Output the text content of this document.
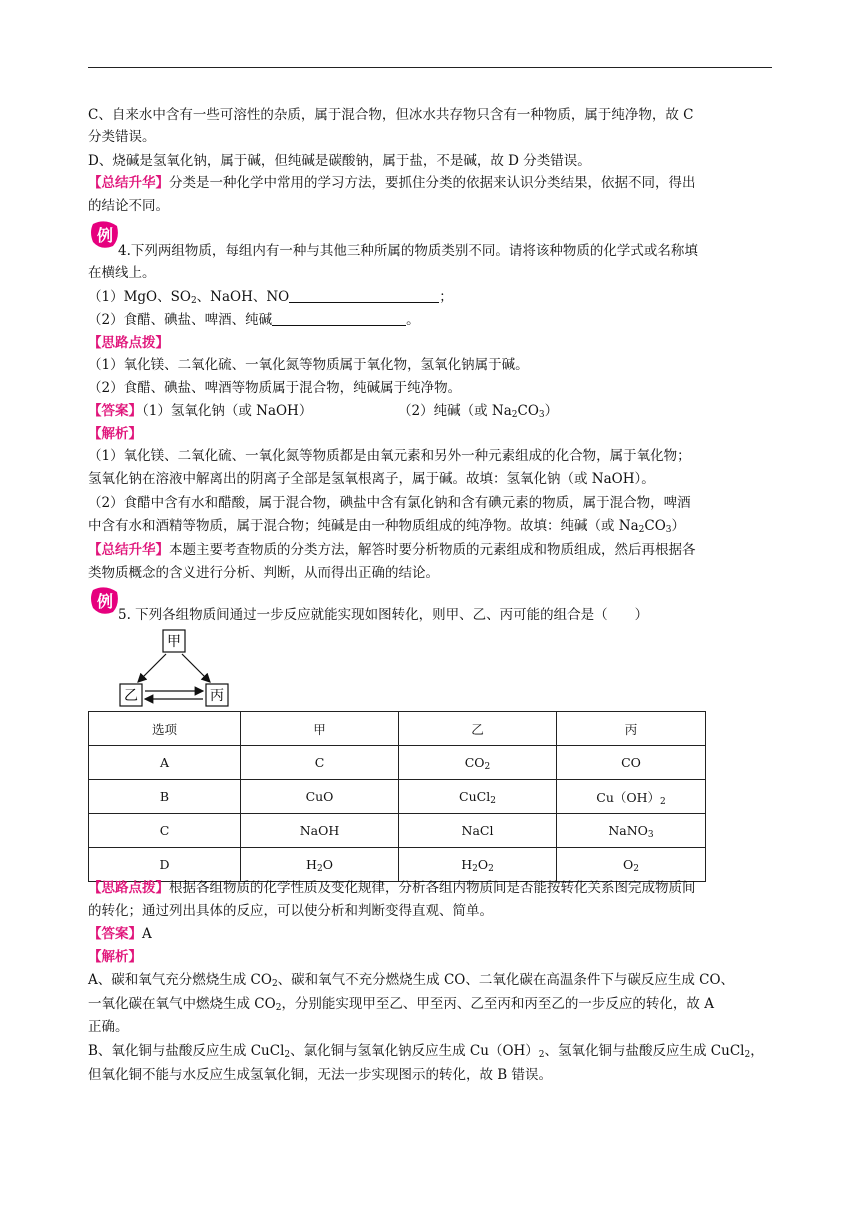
C、自来水中含有一些可溶性的杂质，属于混合物，但冰水共存物只含有一种物质，属于纯净物，故 C
分类错误。
D、烧碱是氢氧化钠，属于碱，但纯碱是碳酸钠，属于盐，不是碱，故 D 分类错误。
【总结升华】分类是一种化学中常用的学习方法，要抓住分类的依据来认识分类结果，依据不同，得出
的结论不同。
例
4.下列两组物质，每组内有一种与其他三种所属的物质类别不同。请将该种物质的化学式或名称填
在横线上。
（1）MgO、$SO_2$、NaOH、NO	；
（2）食醋、碘盐、啤酒、纯碱	。
【思路点拨】
（1）氧化镁、二氧化硫、一氧化氮等物质属于氧化物，氢氧化钠属于碱。
（2）食醋、碘盐、啤酒等物质属于混合物，纯碱属于纯净物。
【答案】（1）氢氧化钠（或 NaOH）	（2）纯碱（或 $Na_2CO_3$）
【解析】
（1）氧化镁、二氧化硫、一氧化氮等物质都是由氧元素和另外一种元素组成的化合物，属于氧化物；
氢氧化钠在溶液中解离出的阴离子全部是氢氧根离子，属于碱。故填：氢氧化钠（或 NaOH）。
（2）食醋中含有水和醋酸，属于混合物，碘盐中含有氯化钠和含有碘元素的物质，属于混合物，啤酒
中含有水和酒精等物质，属于混合物；纯碱是由一种物质组成的纯净物。故填：纯碱（或 $Na_2CO_3$）
【总结升华】本题主要考查物质的分类方法，解答时要分析物质的元素组成和物质组成，然后再根据各
类物质概念的含义进行分析、判断，从而得出正确的结论。
例
5. 下列各组物质间通过一步反应就能实现如图转化，则甲、乙、丙可能的组合是（　　）
甲
乙	丙
选项	甲	乙	丙
A	C	$CO_2$	CO
B	CuO	CuCl$_2$	$Cu(OH)_2$
C	NaOH	NaCl	NaNO$_3$
D	$H_2O$	$H_2O_2$	$O_2$
【思路点拨】根据各组物质的化学性质及变化规律，分析各组内物质间是否能按转化关系图完成物质间
的转化；通过列出具体的反应，可以使分析和判断变得直观、简单。
【答案】A
【解析】
A、碳和氧气充分燃烧生成 $CO_2$、碳和氧气不充分燃烧生成 CO、二氧化碳在高温条件下与碳反应生成 CO、
一氧化碳在氧气中燃烧生成 $CO_2$，分别能实现甲至乙、甲至丙、乙至丙和丙至乙的一步反应的转化，故 A
正确。
B、氧化铜与盐酸反应生成 CuCl$_2$、氯化铜与氢氧化钠反应生成 $Cu(OH)_2$、氢氧化铜与盐酸反应生成 CuCl$_2$，
但氧化铜不能与水反应生成氢氧化铜，无法一步实现图示的转化，故 B 错误。
